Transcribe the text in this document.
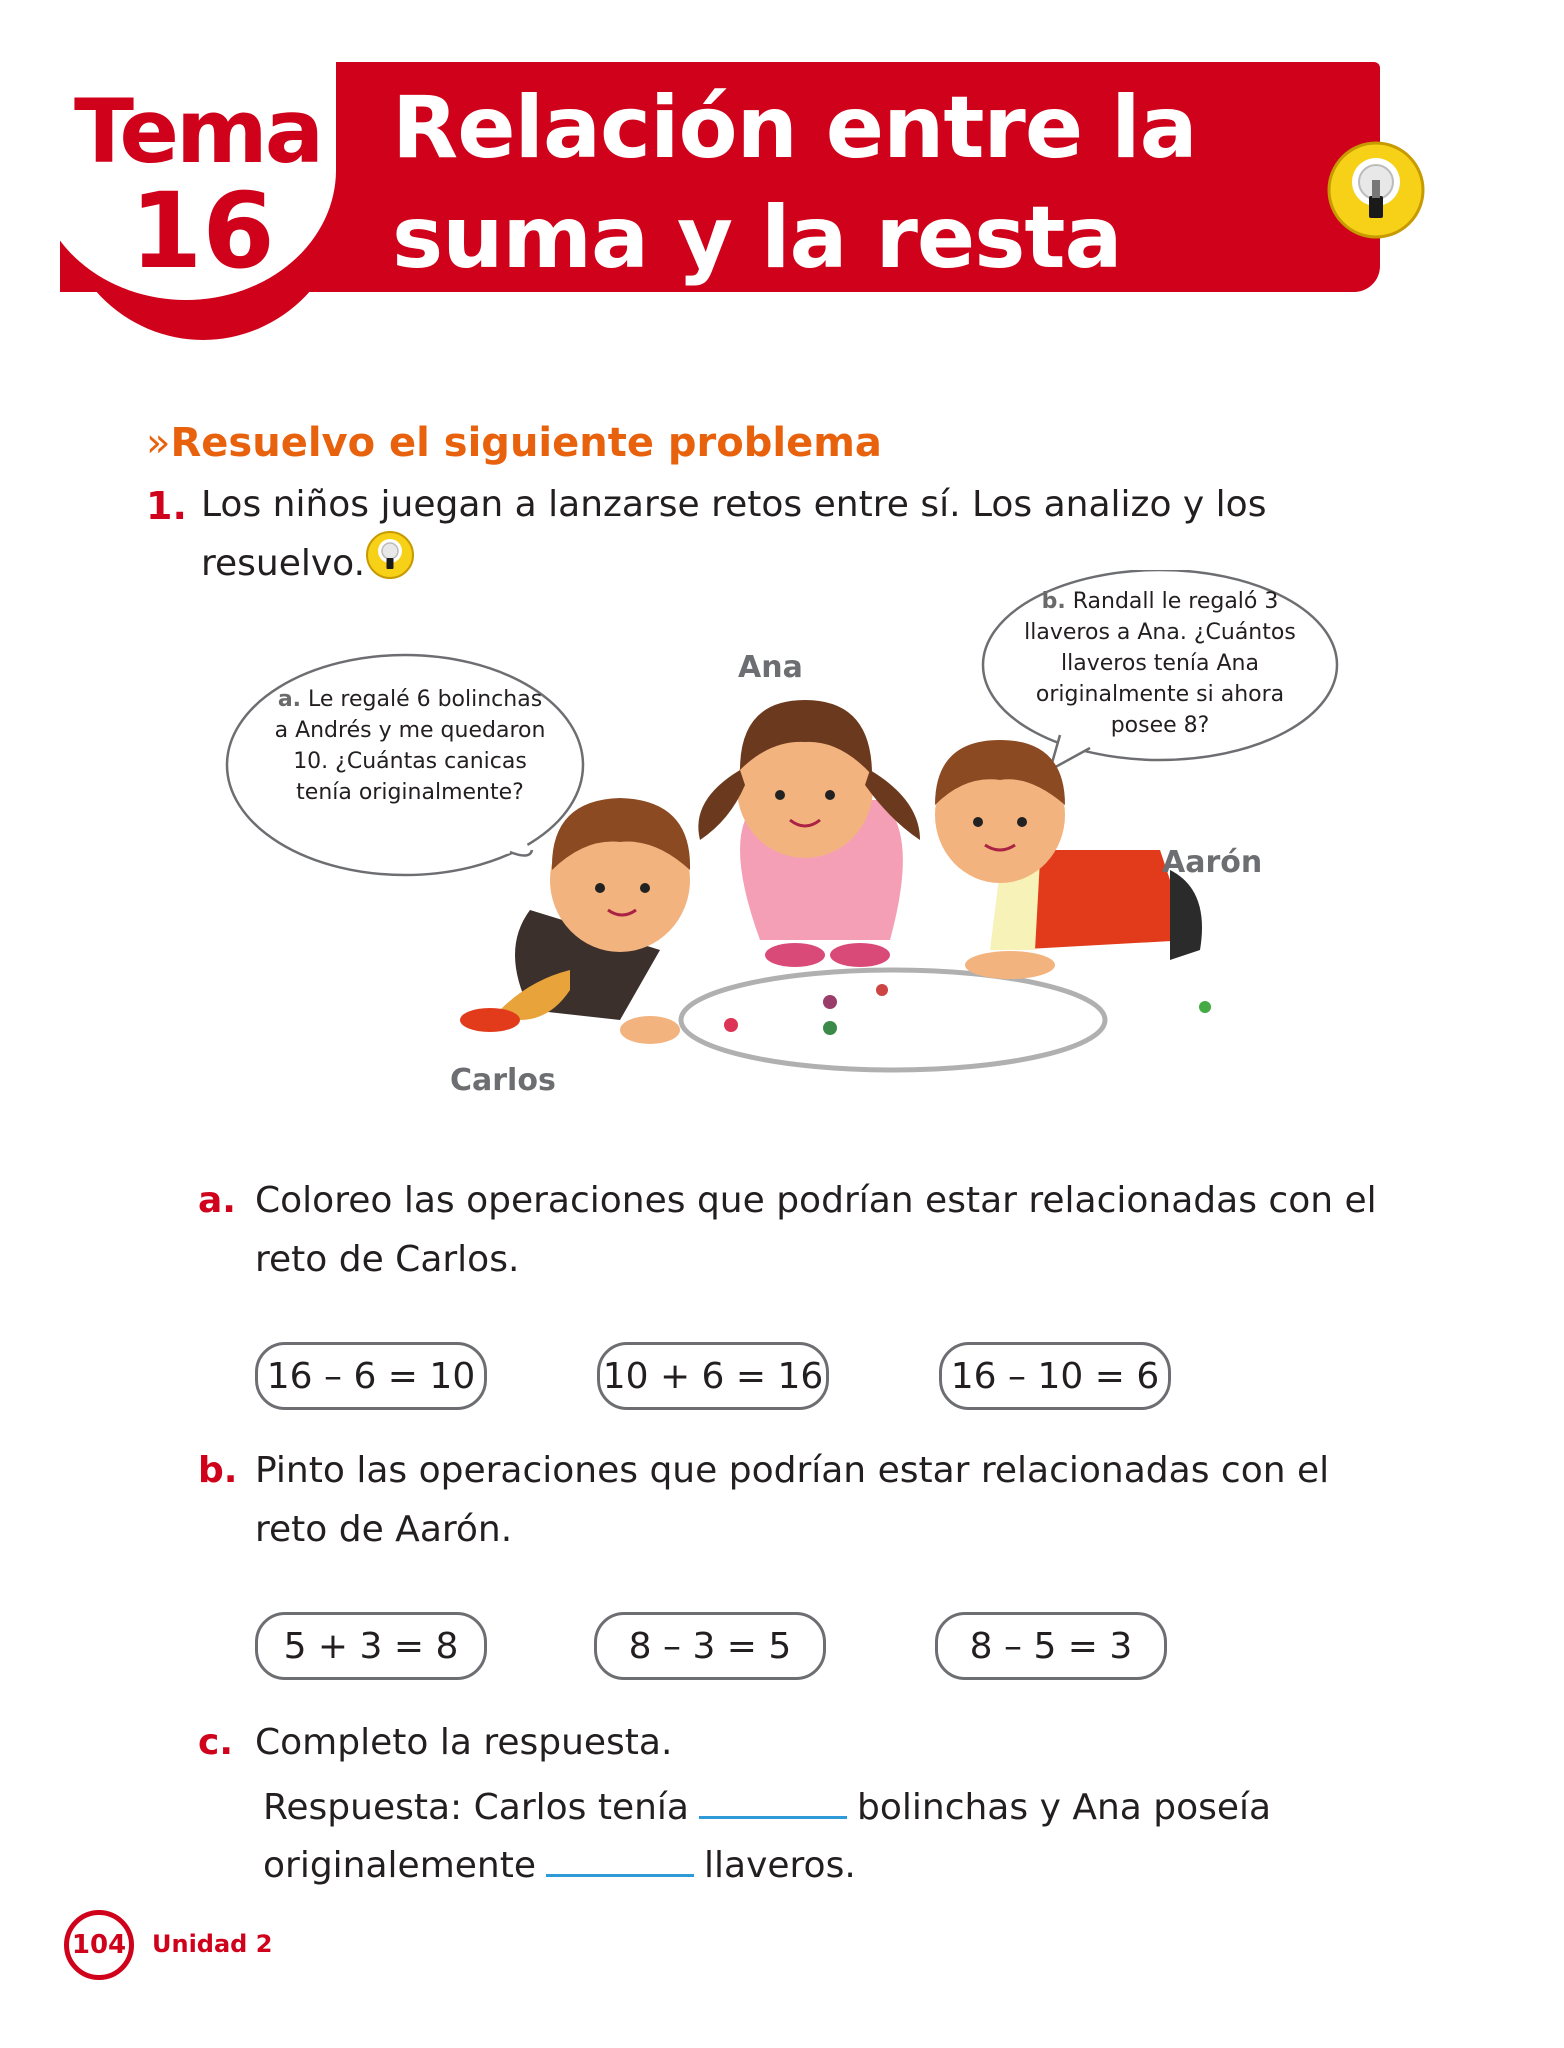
Tema
16
Relación entre la
suma y la resta
»Resuelvo el siguiente problema
1. Los niños juegan a lanzarse retos entre sí. Los analizo y los
resuelvo.
a. Le regalé 6 bolinchas
a Andrés y me quedaron
10. ¿Cuántas canicas
tenía originalmente?
b. Randall le regaló 3
llaveros a Ana. ¿Cuántos
llaveros tenía Ana
originalmente si ahora
posee 8?
Ana
Aarón
Carlos
a. Coloreo las operaciones que podrían estar relacionadas con el
reto de Carlos.
16 – 6 = 10	10 + 6 = 16	16 – 10 = 6
b. Pinto las operaciones que podrían estar relacionadas con el
reto de Aarón.
5 + 3 = 8	8 – 3 = 5	8 – 5 = 3
c. Completo la respuesta.
Respuesta: Carlos tenía	bolinchas y Ana poseía
originalemente	llaveros.
104 Unidad 2
